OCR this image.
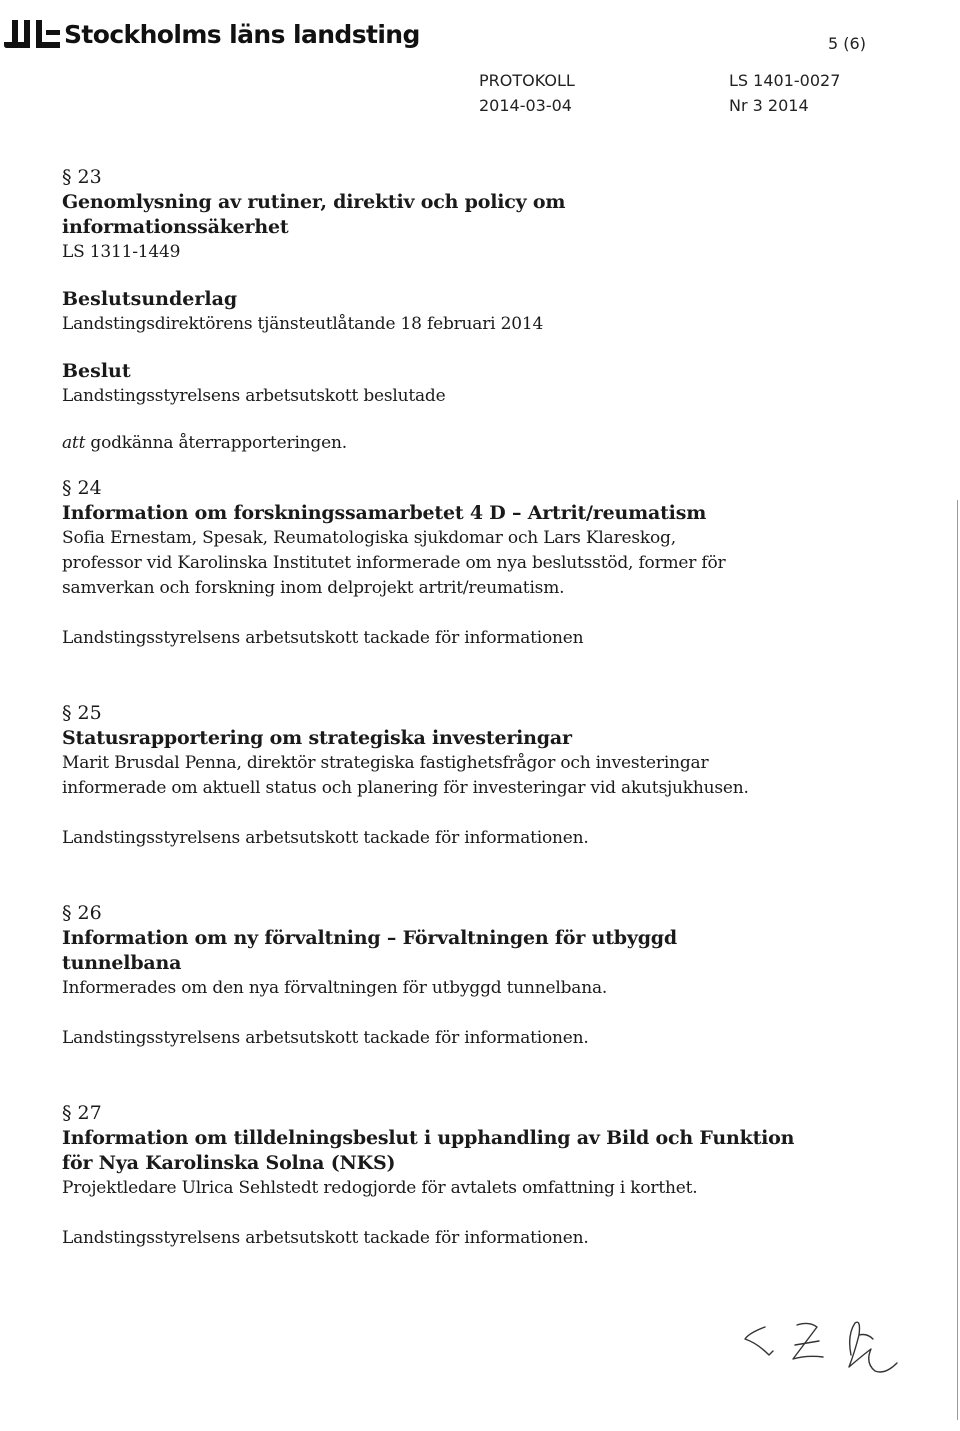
Stockholms läns landsting	5 (6)
PROTOKOLL
2014-03-04
LS 1401-0027
Nr 3 2014

§ 23

Genomlysning av rutiner, direktiv och policy om

informationssäkerhet

LS 1311-1449

Beslutsunderlag

Landstingsdirektörens tjänsteutlåtande 18 februari 2014

Beslut

Landstingsstyrelsens arbetsutskott beslutade

att godkänna återrapporteringen.

§ 24

Information om forskningssamarbetet 4 D – Artrit/reumatism

Sofia Ernestam, Spesak, Reumatologiska sjukdomar och Lars Klareskog,

professor vid Karolinska Institutet informerade om nya beslutsstöd, former för

samverkan och forskning inom delprojekt artrit/reumatism.

Landstingsstyrelsens arbetsutskott tackade för informationen

§ 25

Statusrapportering om strategiska investeringar

Marit Brusdal Penna, direktör strategiska fastighetsfrågor och investeringar

informerade om aktuell status och planering för investeringar vid akutsjukhusen.

Landstingsstyrelsens arbetsutskott tackade för informationen.

§ 26

Information om ny förvaltning – Förvaltningen för utbyggd

tunnelbana

Informerades om den nya förvaltningen för utbyggd tunnelbana.

Landstingsstyrelsens arbetsutskott tackade för informationen.

§ 27

Information om tilldelningsbeslut i upphandling av Bild och Funktion

för Nya Karolinska Solna (NKS)

Projektledare Ulrica Sehlstedt redogjorde för avtalets omfattning i korthet.

Landstingsstyrelsens arbetsutskott tackade för informationen.
